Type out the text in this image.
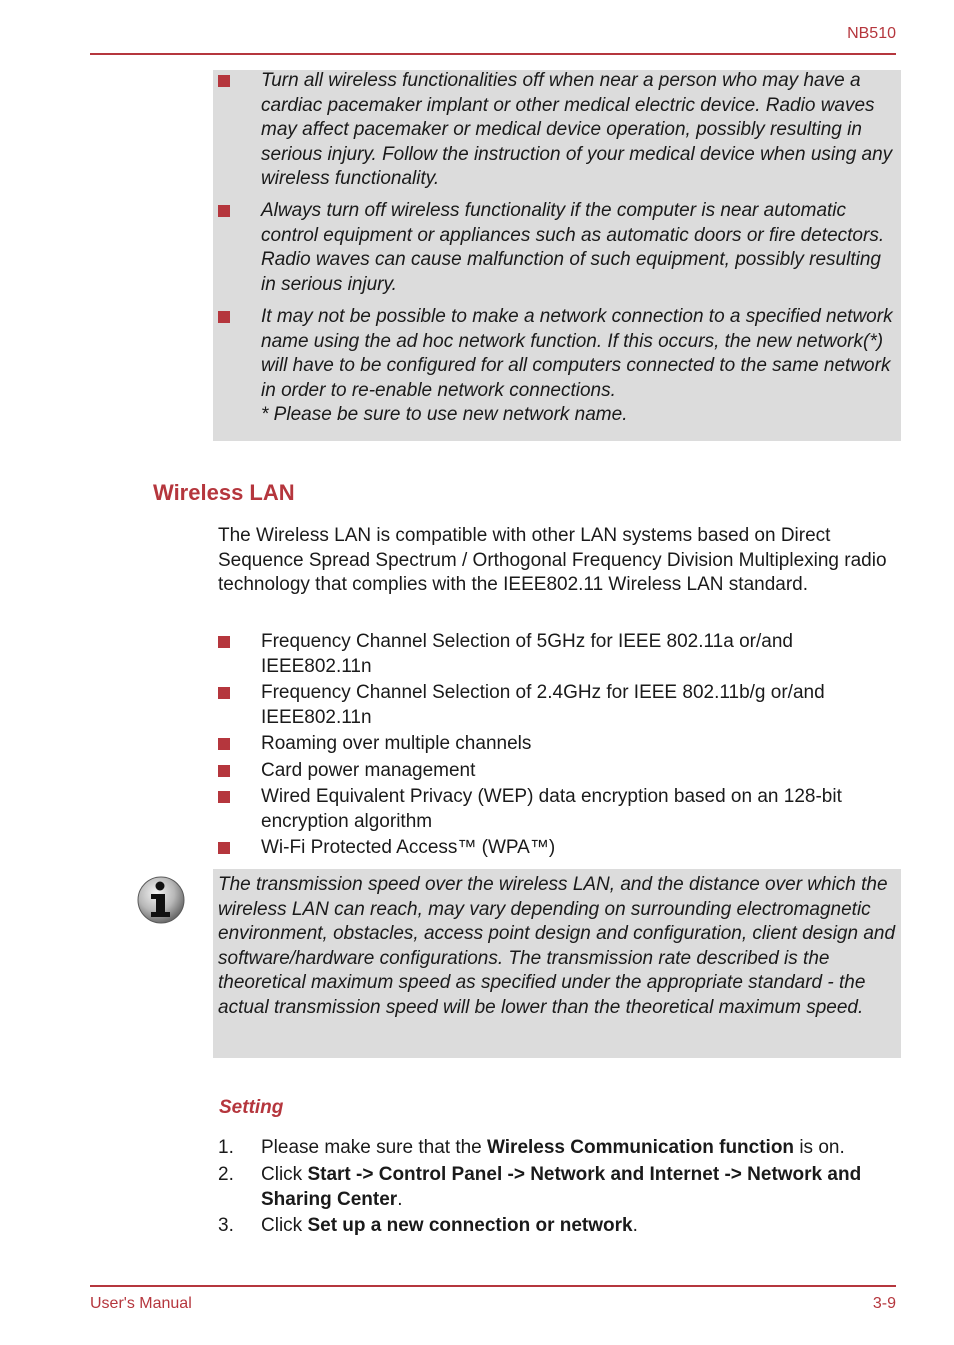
NB510
Turn all wireless functionalities off when near a person who may have a cardiac pacemaker implant or other medical electric device. Radio waves may affect pacemaker or medical device operation, possibly resulting in serious injury. Follow the instruction of your medical device when using any wireless functionality.
Always turn off wireless functionality if the computer is near automatic control equipment or appliances such as automatic doors or fire detectors. Radio waves can cause malfunction of such equipment, possibly resulting in serious injury.
It may not be possible to make a network connection to a specified network name using the ad hoc network function. If this occurs, the new network(*) will have to be configured for all computers connected to the same network in order to re-enable network connections.
* Please be sure to use new network name.
Wireless LAN
The Wireless LAN is compatible with other LAN systems based on Direct Sequence Spread Spectrum / Orthogonal Frequency Division Multiplexing radio technology that complies with the IEEE802.11 Wireless LAN standard.
Frequency Channel Selection of 5GHz for IEEE 802.11a or/and IEEE802.11n
Frequency Channel Selection of 2.4GHz for IEEE 802.11b/g or/and IEEE802.11n
Roaming over multiple channels
Card power management
Wired Equivalent Privacy (WEP) data encryption based on an 128-bit encryption algorithm
Wi-Fi Protected Access™ (WPA™)
The transmission speed over the wireless LAN, and the distance over which the wireless LAN can reach, may vary depending on surrounding electromagnetic environment, obstacles, access point design and configuration, client design and software/hardware configurations. The transmission rate described is the theoretical maximum speed as specified under the appropriate standard - the actual transmission speed will be lower than the theoretical maximum speed.
Setting
1. Please make sure that the Wireless Communication function is on.
2. Click Start -> Control Panel -> Network and Internet -> Network and Sharing Center.
3. Click Set up a new connection or network.
User's Manual	3-9
